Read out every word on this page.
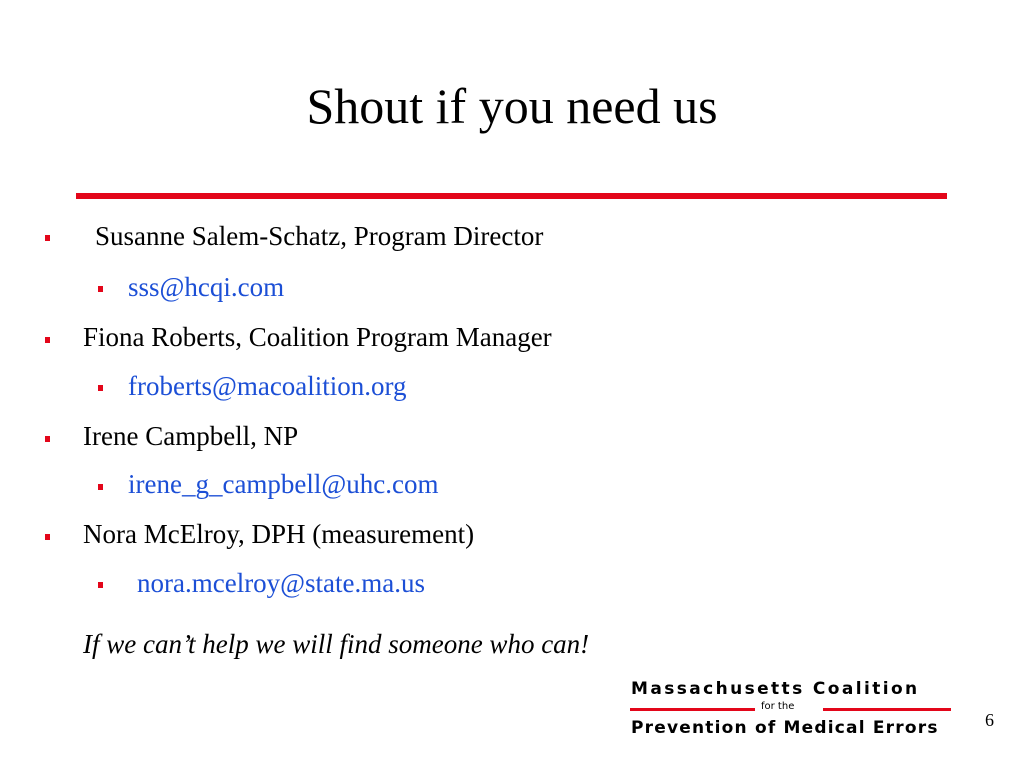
Shout if you need us
Susanne Salem-Schatz, Program Director
sss@hcqi.com
Fiona Roberts, Coalition Program Manager
froberts@macoalition.org
Irene Campbell, NP
irene_g_campbell@uhc.com
Nora McElroy, DPH (measurement)
nora.mcelroy@state.ma.us
If we can’t help we will find someone who can!
Massachusetts Coalition
for the
Prevention of Medical Errors	6
